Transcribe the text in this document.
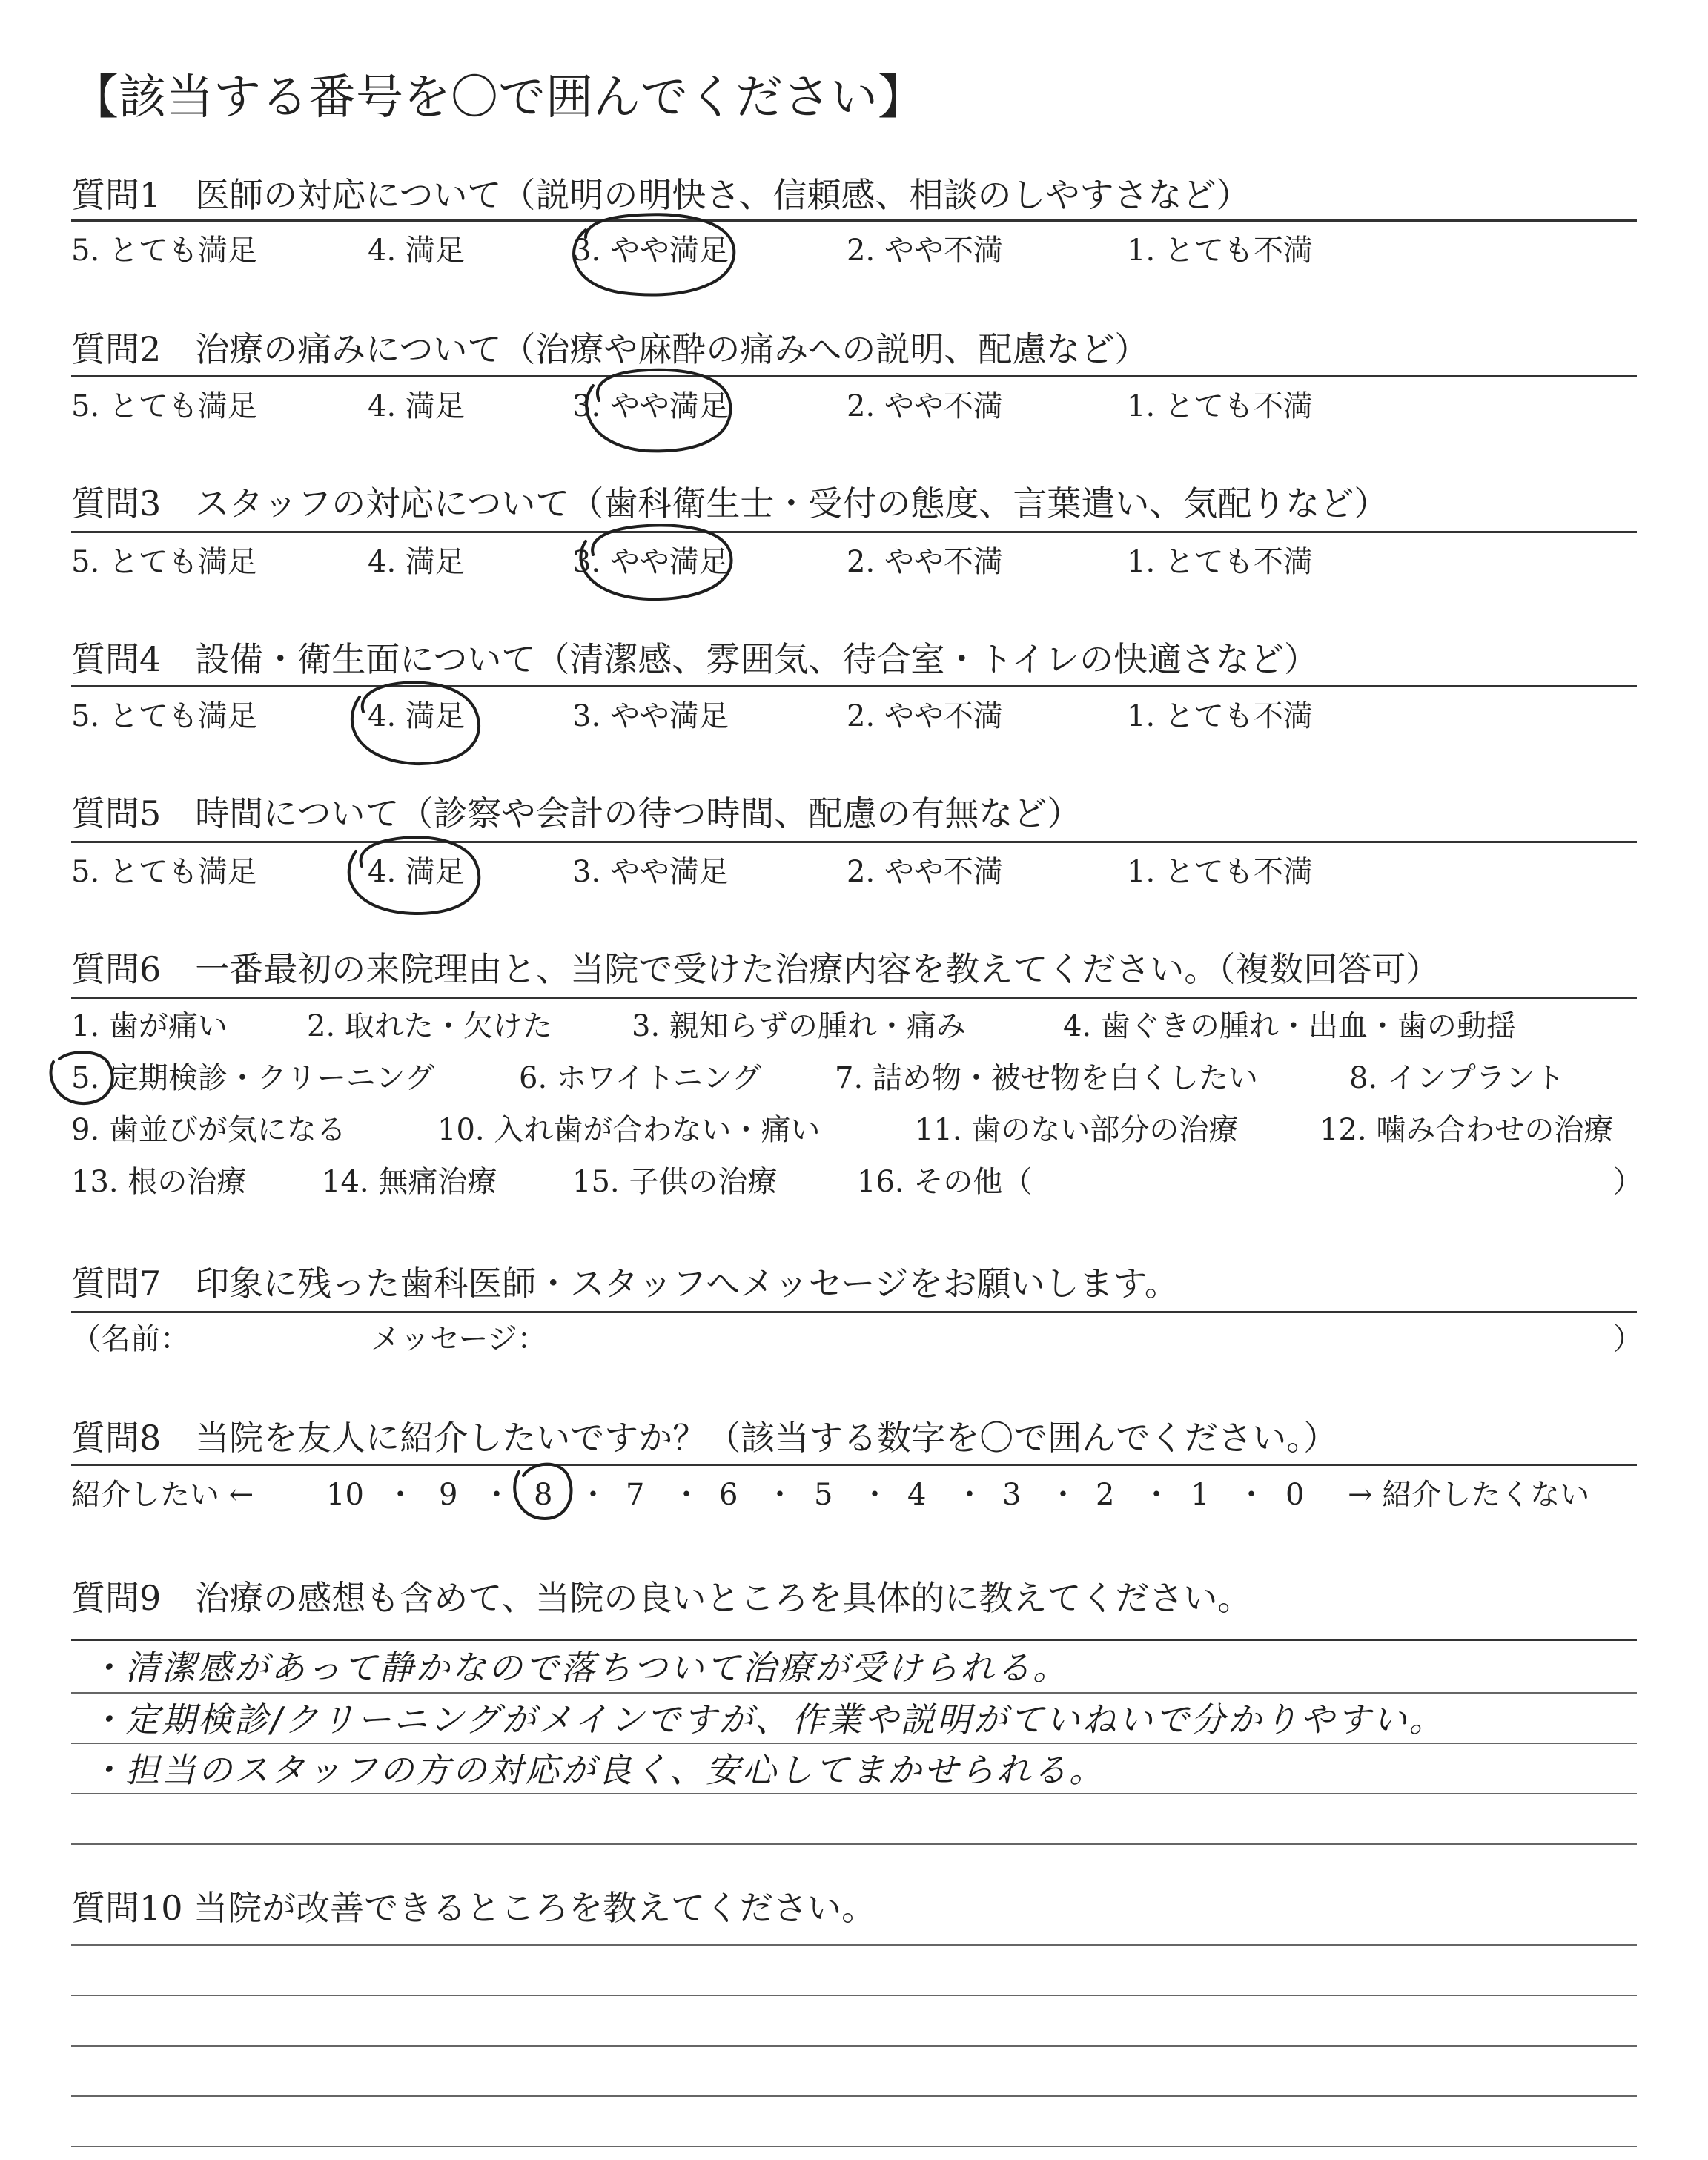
【該当する番号を〇で囲んでください】
質問1　医師の対応について（説明の明快さ、信頼感、相談のしやすさなど）
5. とても満足	4. 満足	3. やや満足	2. やや不満	1. とても不満
質問2　治療の痛みについて（治療や麻酔の痛みへの説明、配慮など）
5. とても満足	4. 満足	3. やや満足	2. やや不満	1. とても不満
質問3　スタッフの対応について（歯科衛生士・受付の態度、言葉遣い、気配りなど）
5. とても満足	4. 満足	3. やや満足	2. やや不満	1. とても不満
質問4　設備・衛生面について（清潔感、雰囲気、待合室・トイレの快適さなど）
5. とても満足	4. 満足	3. やや満足	2. やや不満	1. とても不満
質問5　時間について（診察や会計の待つ時間、配慮の有無など）
5. とても満足	4. 満足	3. やや満足	2. やや不満	1. とても不満
質問6　一番最初の来院理由と、当院で受けた治療内容を教えてください。（複数回答可）
1. 歯が痛い	2. 取れた・欠けた	3. 親知らずの腫れ・痛み	4. 歯ぐきの腫れ・出血・歯の動揺
5. 定期検診・クリーニング	6. ホワイトニング 7. 詰め物・被せ物を白くしたい	8. インプラント
9. 歯並びが気になる	10. 入れ歯が合わない・痛い	11. 歯のない部分の治療	12. 噛み合わせの治療
13. 根の治療	14. 無痛治療	15. 子供の治療	16. その他（	）
質問7　印象に残った歯科医師・スタッフへメッセージをお願いします。
（名前：	メッセージ：	）
質問8　当院を友人に紹介したいですか？（該当する数字を〇で囲んでください。）
紹介したい ←	→ 紹介したくない
10 ・ 9 ・ 8 ・ 7 ・ 6 ・ 5 ・ 4 ・ 3 ・ 2 ・ 1 ・ 0
質問9　治療の感想も含めて、当院の良いところを具体的に教えてください。
・清潔感があって静かなので落ちついて治療が受けられる。
・定期検診/クリーニングがメインですが、作業や説明がていねいで分かりやすい。
・担当のスタッフの方の対応が良く、安心してまかせられる。
質問10 当院が改善できるところを教えてください。
